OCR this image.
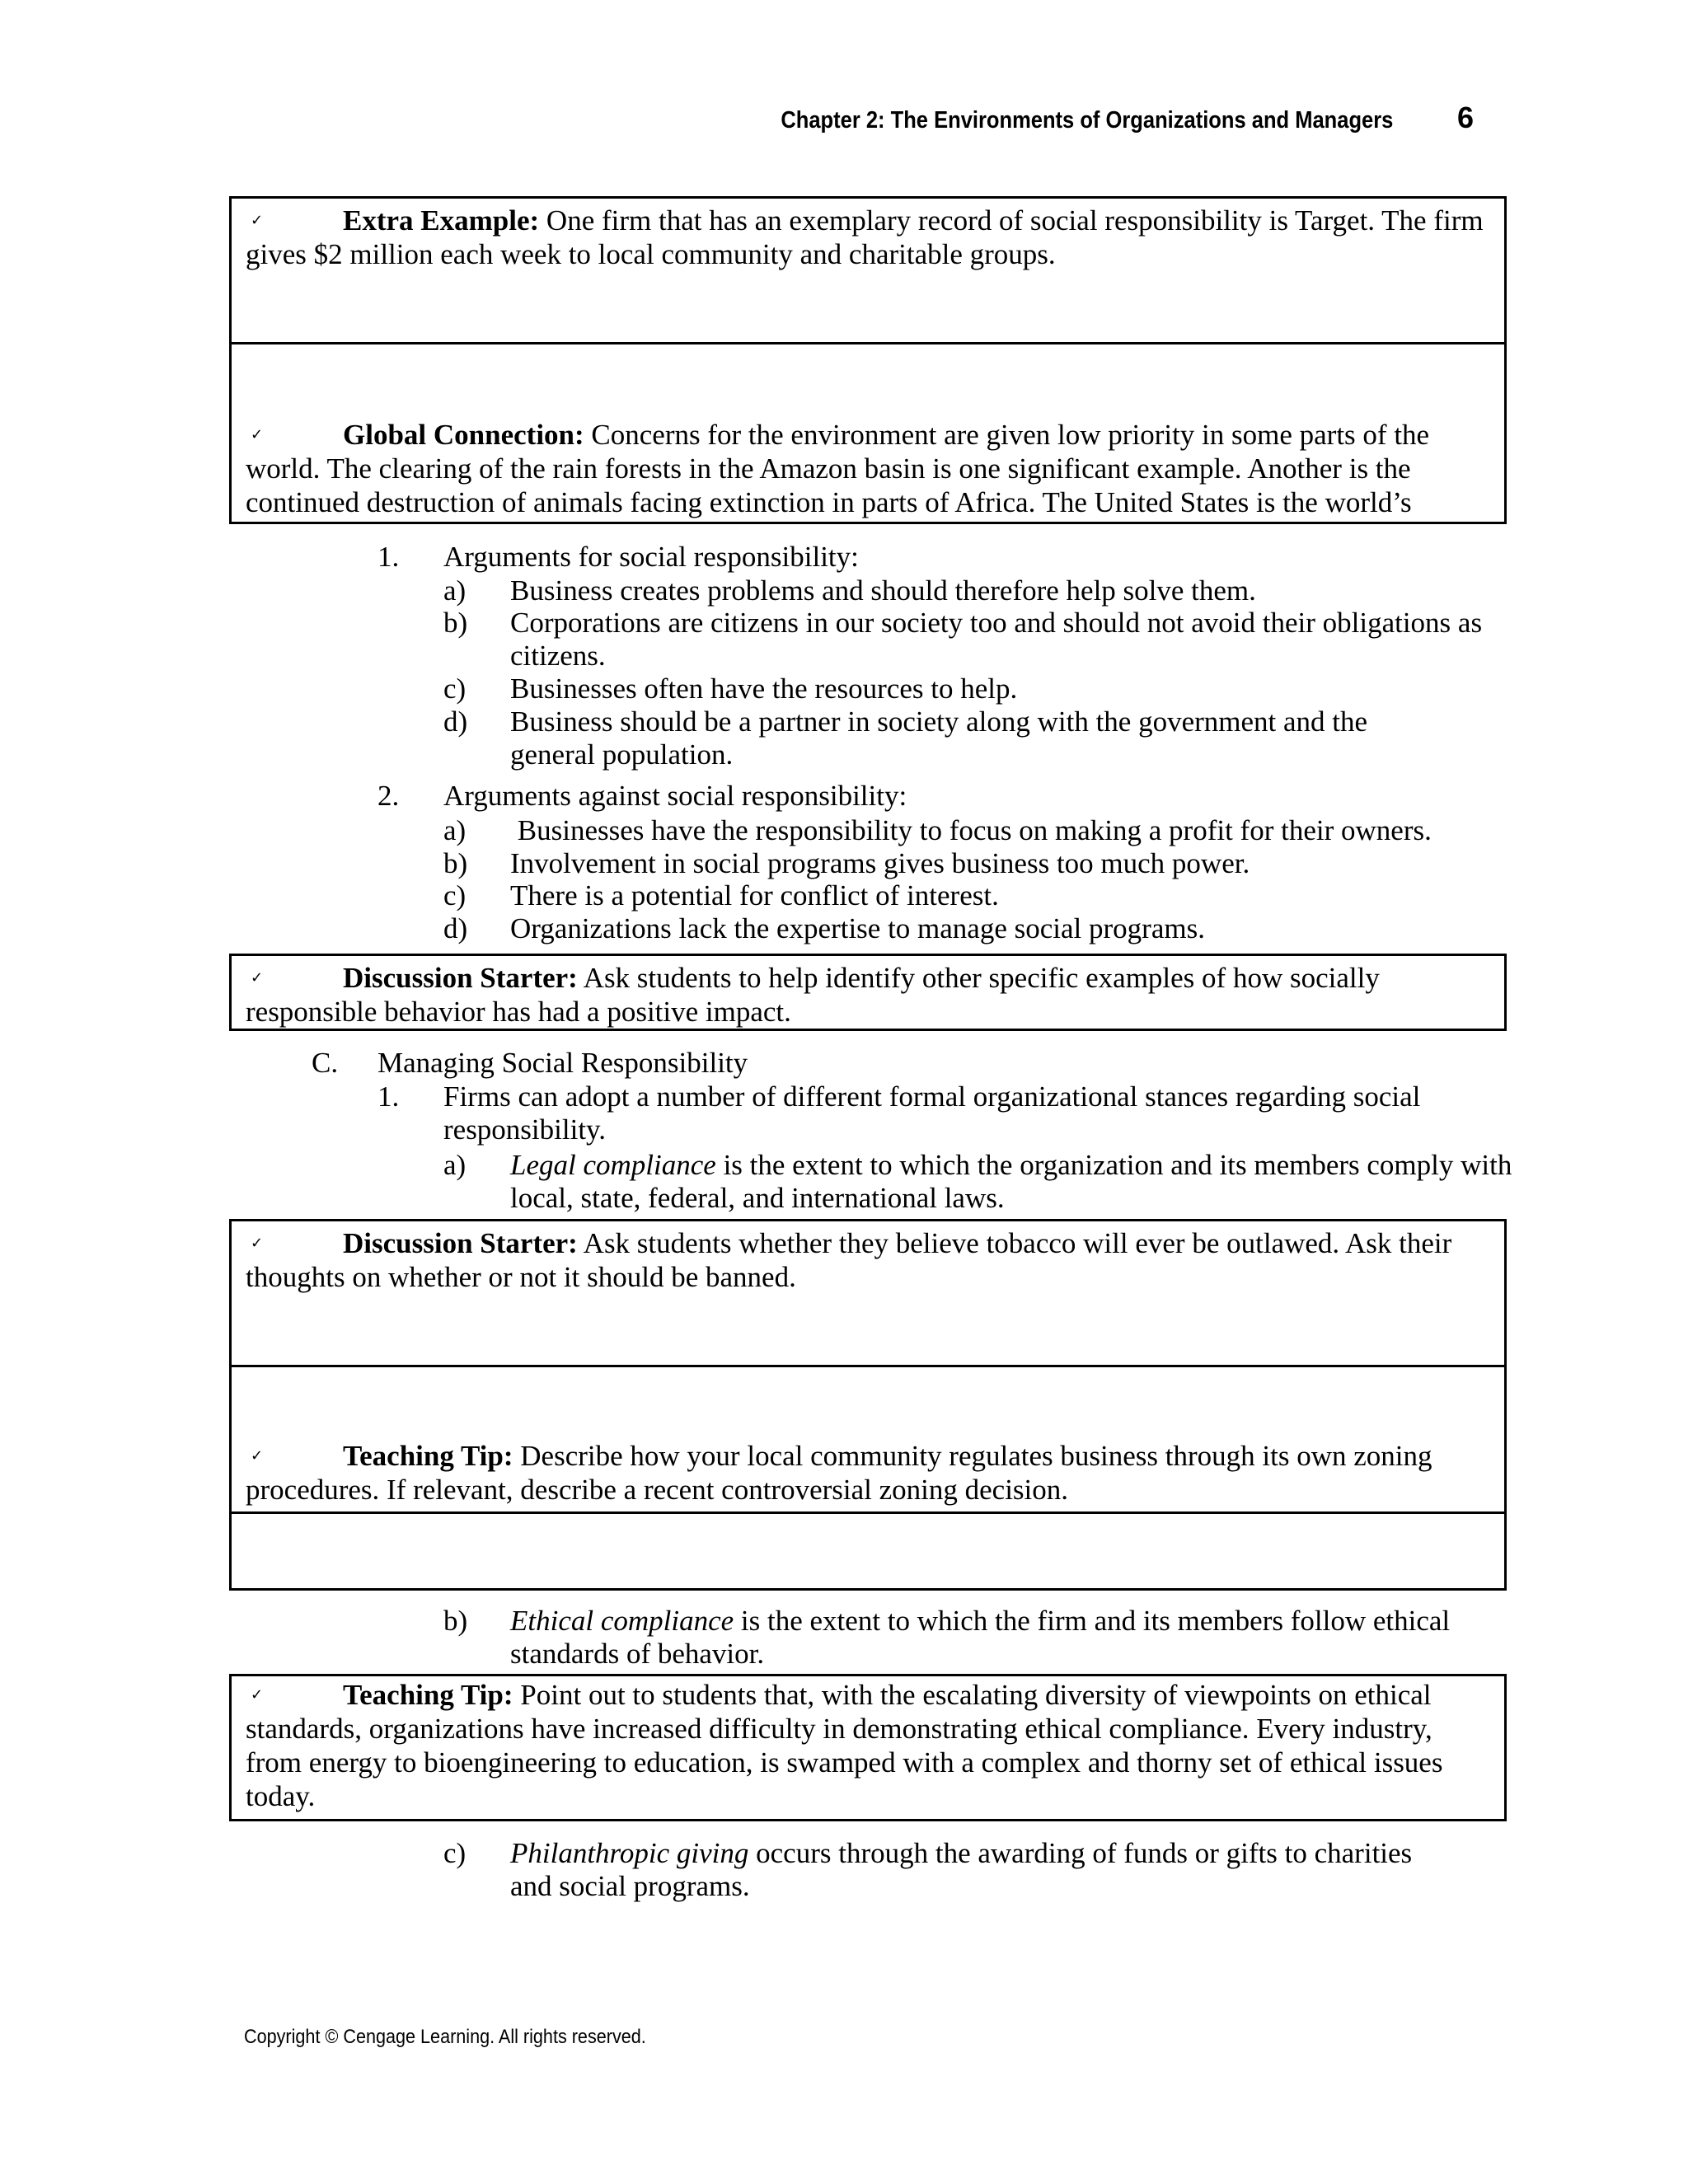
Chapter 2: The Environments of Organizations and Managers 6
✓	Extra Example: One firm that has an exemplary record of social responsibility is Target. The firm gives $2 million each week to local community and charitable groups.
✓	Global Connection: Concerns for the environment are given low priority in some parts of the world. The clearing of the rain forests in the Amazon basin is one significant example. Another is the continued destruction of animals facing extinction in parts of Africa. The United States is the world’s
1.	Arguments for social responsibility:
a)	Business creates problems and should therefore help solve them.
b)	Corporations are citizens in our society too and should not avoid their obligations as citizens.
c)	Businesses often have the resources to help.
d)	Business should be a partner in society along with the government and the general population.
2.	Arguments against social responsibility:
a)	Businesses have the responsibility to focus on making a profit for their owners.
b)	Involvement in social programs gives business too much power.
c)	There is a potential for conflict of interest.
d)	Organizations lack the expertise to manage social programs.
✓	Discussion Starter: Ask students to help identify other specific examples of how socially responsible behavior has had a positive impact.
C.	Managing Social Responsibility
1.	Firms can adopt a number of different formal organizational stances regarding social responsibility.
a)	Legal compliance is the extent to which the organization and its members comply with local, state, federal, and international laws.
✓	Discussion Starter: Ask students whether they believe tobacco will ever be outlawed. Ask their thoughts on whether or not it should be banned.
✓	Teaching Tip: Describe how your local community regulates business through its own zoning procedures. If relevant, describe a recent controversial zoning decision.
b)	Ethical compliance is the extent to which the firm and its members follow ethical standards of behavior.
✓	Teaching Tip: Point out to students that, with the escalating diversity of viewpoints on ethical standards, organizations have increased difficulty in demonstrating ethical compliance. Every industry, from energy to bioengineering to education, is swamped with a complex and thorny set of ethical issues today.
c)	Philanthropic giving occurs through the awarding of funds or gifts to charities and social programs.
Copyright © Cengage Learning. All rights reserved.
